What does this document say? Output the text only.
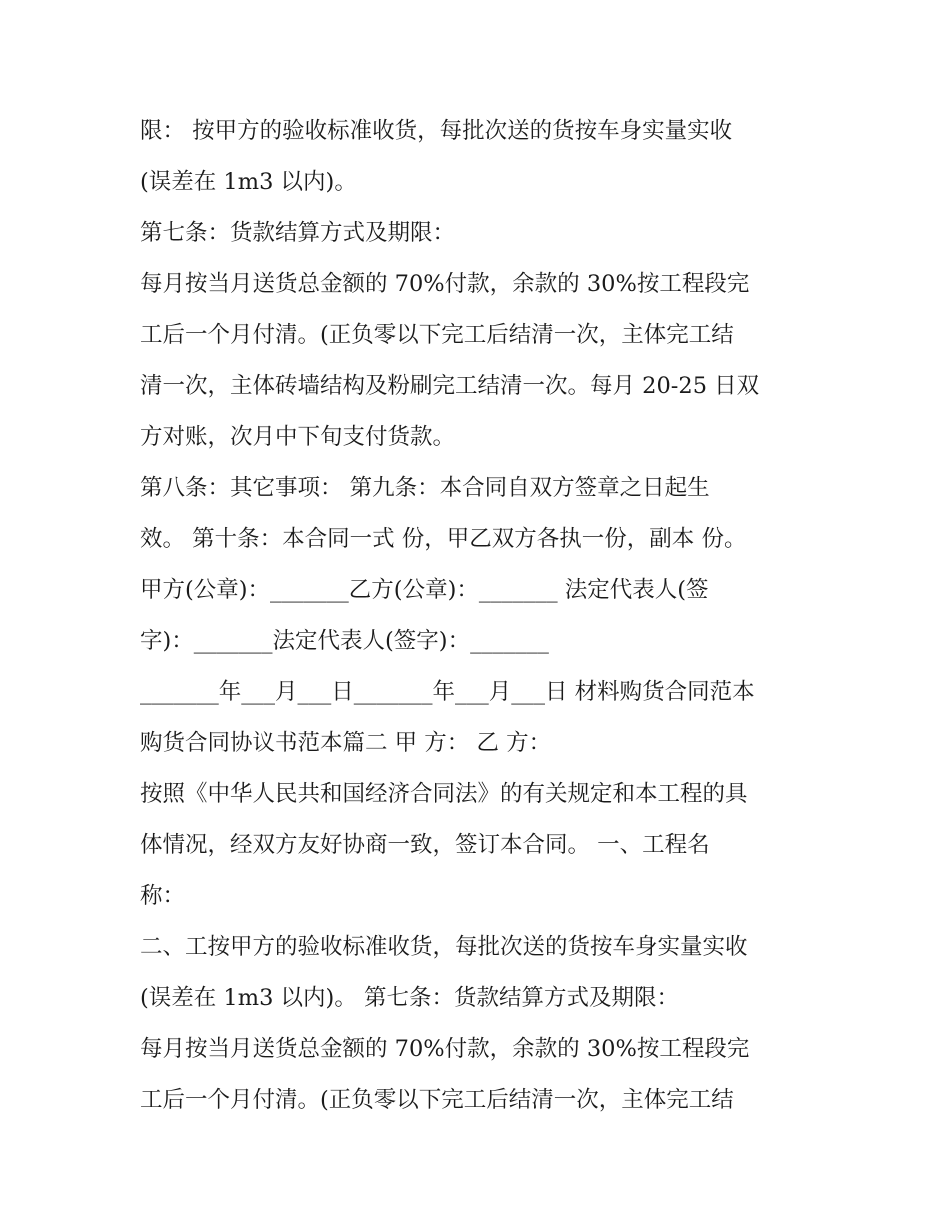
限： 按甲方的验收标准收货，每批次送的货按车身实量实收
(误差在 1m3 以内)。
第七条：货款结算方式及期限：
每月按当月送货总金额的 70%付款，余款的 30%按工程段完
工后一个月付清。(正负零以下完工后结清一次，主体完工结
清一次，主体砖墙结构及粉刷完工结清一次。每月 20-25 日双
方对账，次月中下旬支付货款。
第八条：其它事项： 第九条：本合同自双方签章之日起生
效。 第十条：本合同一式 份，甲乙双方各执一份，副本 份。
甲方(公章)：_______乙方(公章)：_______ 法定代表人(签
字)：_______法定代表人(签字)：_______
_______年___月___日_______年___月___日 材料购货合同范本
购货合同协议书范本篇二 甲 方： 乙 方：
按照《中华人民共和国经济合同法》的有关规定和本工程的具
体情况，经双方友好协商一致，签订本合同。 一、工程名
称：
二、工按甲方的验收标准收货，每批次送的货按车身实量实收
(误差在 1m3 以内)。 第七条：货款结算方式及期限：
每月按当月送货总金额的 70%付款，余款的 30%按工程段完
工后一个月付清。(正负零以下完工后结清一次，主体完工结
